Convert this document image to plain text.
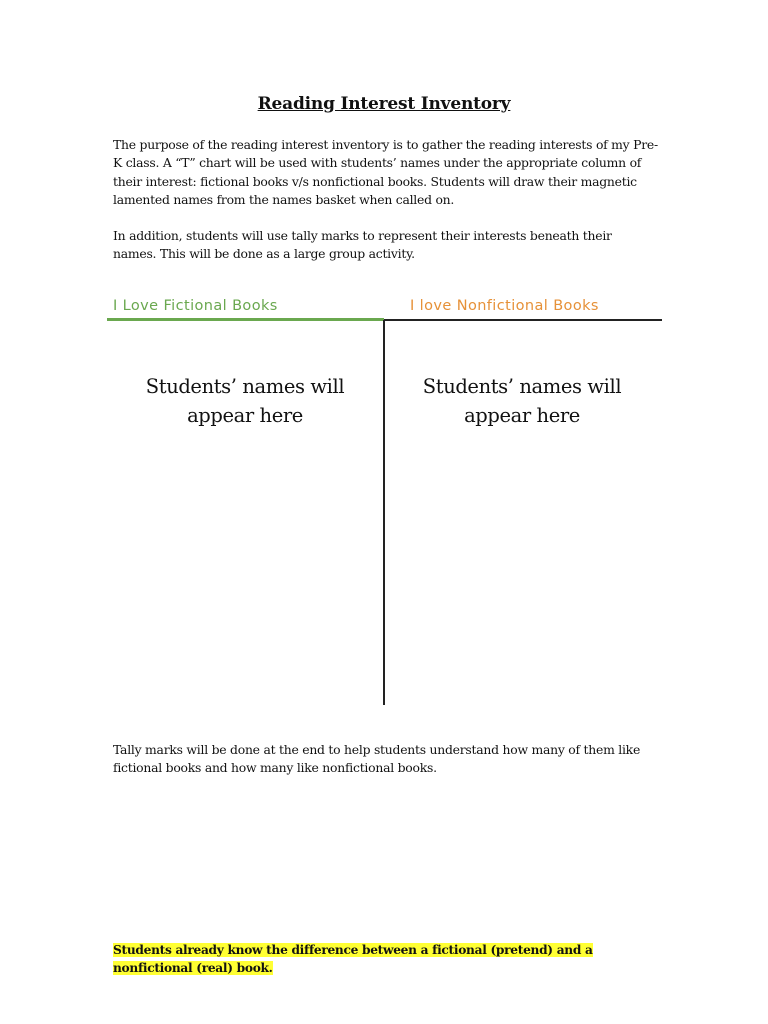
Reading Interest Inventory

The purpose of the reading interest inventory is to gather the reading interests of my Pre-K class. A “T” chart will be used with students’ names under the appropriate column of their interest: fictional books v/s nonfictional books. Students will draw their magnetic lamented names from the names basket when called on.

In addition, students will use tally marks to represent their interests beneath their names. This will be done as a large group activity.

I Love Fictional Books	I love Nonfictional Books
Students’ names will appear here
Students’ names will appear here

Tally marks will be done at the end to help students understand how many of them like fictional books and how many like nonfictional books.

Students already know the difference between a fictional (pretend) and a nonfictional (real) book.
